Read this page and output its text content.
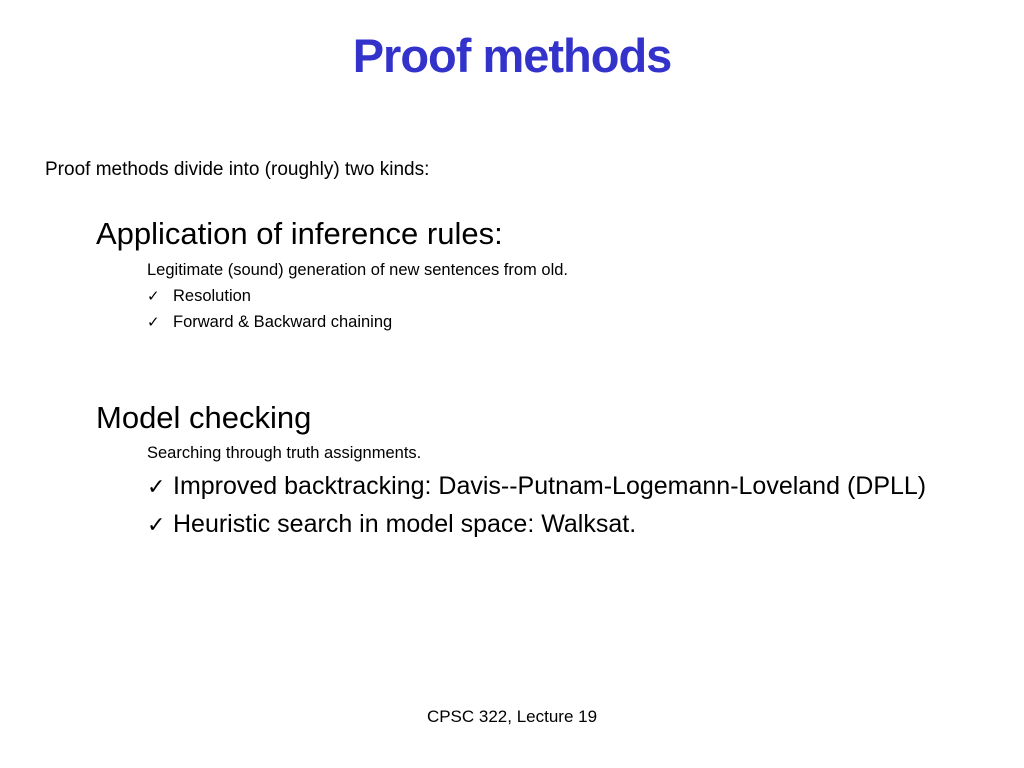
Proof methods
Proof methods divide into (roughly) two kinds:
Application of inference rules:
Legitimate (sound) generation of new sentences from old.
✓ Resolution
✓ Forward & Backward chaining
Model checking
Searching through truth assignments.
✓ Improved backtracking: Davis--Putnam-Logemann-Loveland (DPLL)
✓ Heuristic search in model space: Walksat.
CPSC 322, Lecture 19
